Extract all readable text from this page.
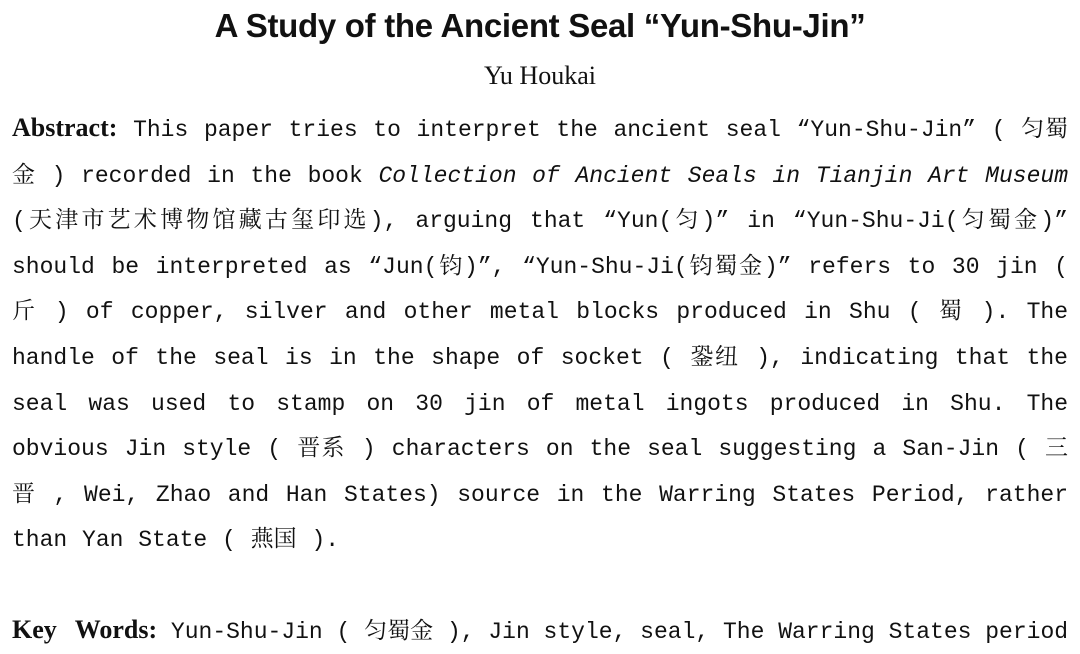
A Study of the Ancient Seal “Yun-Shu-Jin”
Yu Houkai
Abstract: This paper tries to interpret the ancient seal “Yun-Shu-Jin” ( 匀蜀金 ) recorded in the book Collection of Ancient Seals in Tianjin Art Museum (天津市艺术博物馆藏古玺印选), arguing that “Yun(匀)” in “Yun-Shu-Ji(匀蜀金)” should be interpreted as “Jun(钧)”, “Yun-Shu-Ji(钧蜀金)” refers to 30 jin ( 斤 ) of copper, silver and other metal blocks produced in Shu ( 蜀 ). The handle of the seal is in the shape of socket ( 銎纽 ), indicating that the seal was used to stamp on 30 jin of metal ingots produced in Shu. The obvious Jin style ( 晋系 ) characters on the seal suggesting a San-Jin ( 三晋 , Wei, Zhao and Han States) source in the Warring States Period, rather than Yan State ( 燕国 ).
Key Words: Yun-Shu-Jin ( 匀蜀金 ), Jin style, seal, The Warring States period
